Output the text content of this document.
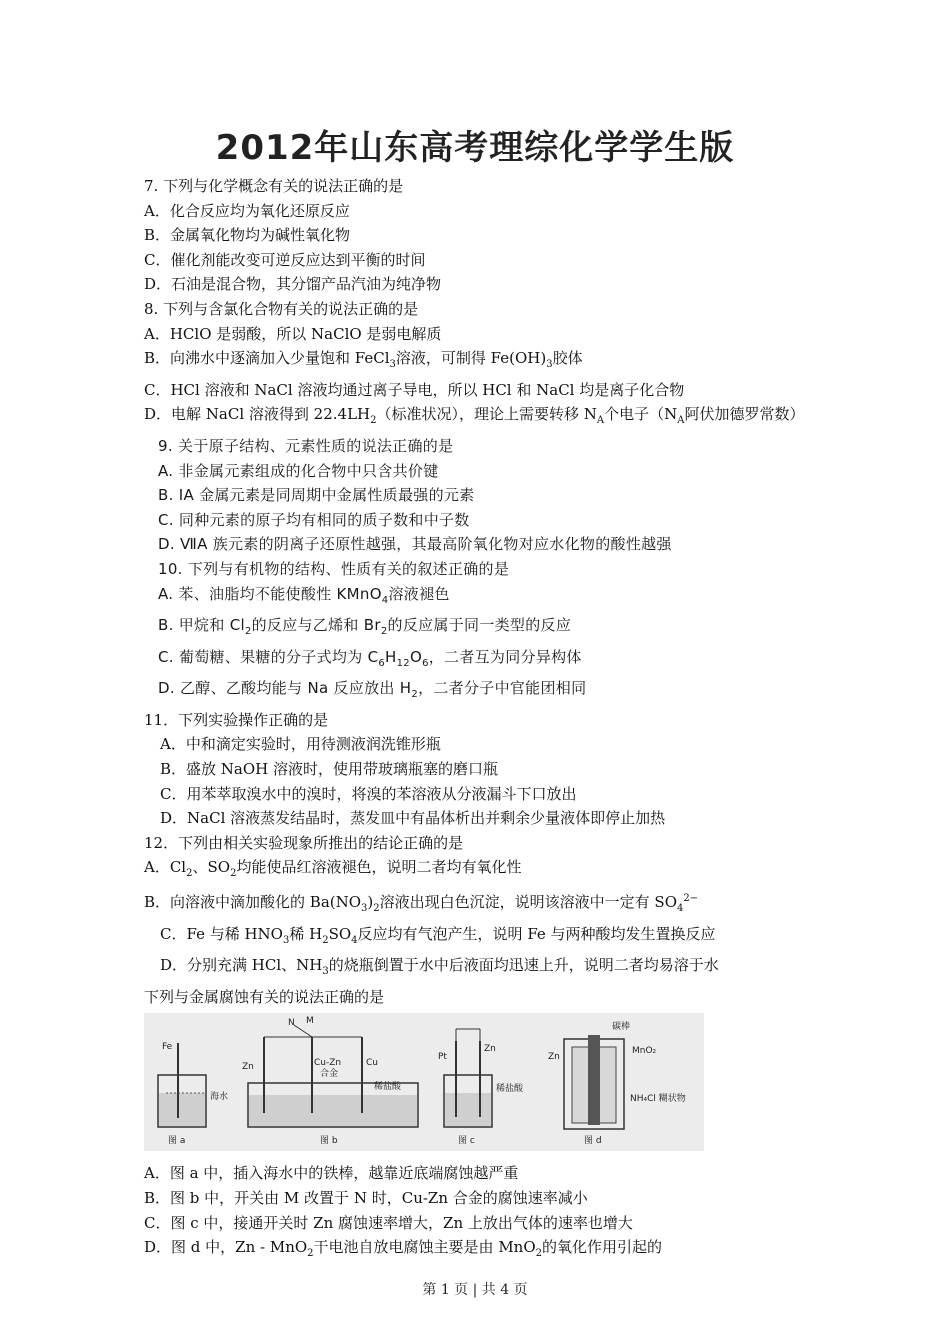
2012年山东高考理综化学学生版
7. 下列与化学概念有关的说法正确的是
A．化合反应均为氧化还原反应
B．金属氧化物均为碱性氧化物
C．催化剂能改变可逆反应达到平衡的时间
D．石油是混合物，其分馏产品汽油为纯净物
8. 下列与含氯化合物有关的说法正确的是
A．HClO 是弱酸，所以 NaClO 是弱电解质
B．向沸水中逐滴加入少量饱和 FeCl$_3$溶液，可制得 $Fe(OH)_3$胶体
C．HCl 溶液和 NaCl 溶液均通过离子导电，所以 HCl 和 NaCl 均是离子化合物
D．电解 NaCl 溶液得到 $22.4LH_2$（标准状况），理论上需要转移 $N_A$个电子（$N_A$阿伏加德罗常数）
9. 关于原子结构、元素性质的说法正确的是
A. 非金属元素组成的化合物中只含共价键
B. ⅠA 金属元素是同周期中金属性质最强的元素
C. 同种元素的原子均有相同的质子数和中子数
D. ⅦA 族元素的阴离子还原性越强，其最高阶氧化物对应水化物的酸性越强
10. 下列与有机物的结构、性质有关的叙述正确的是
A. 苯、油脂均不能使酸性 KMnO$_4$溶液褪色
B. 甲烷和 $Cl_2$的反应与乙烯和 $Br_2$的反应属于同一类型的反应
C. 葡萄糖、果糖的分子式均为 $C_6H_{12}O_6$，二者互为同分异构体
D. 乙醇、乙酸均能与 Na 反应放出 $H_2$，二者分子中官能团相同
11．下列实验操作正确的是
A．中和滴定实验时，用待测液润洗锥形瓶
B．盛放 NaOH 溶液时，使用带玻璃瓶塞的磨口瓶
C．用苯萃取溴水中的溴时，将溴的苯溶液从分液漏斗下口放出
D．NaCl 溶液蒸发结晶时，蒸发皿中有晶体析出并剩余少量液体即停止加热
12．下列由相关实验现象所推出的结论正确的是
A．$Cl_2$、$SO_2$均能使品红溶液褪色，说明二者均有氧化性
B．向溶液中滴加酸化的 $Ba(NO_3)_2$溶液出现白色沉淀，说明该溶液中一定有 $SO_4^{2-}$
C．Fe 与稀 $HNO_3$稀 $H_2SO_4$反应均有气泡产生，说明 Fe 与两种酸均发生置换反应
D．分别充满 HCl、$NH_3$的烧瓶倒置于水中后液面均迅速上升，说明二者均易溶于水
下列与金属腐蚀有关的说法正确的是
Fe
海水
图 a
N M
Zn	Cu-Zn
合金
Cu
稀盐酸
图 b
Pt
Zn
稀盐酸
图 c
碳棒
Zn
MnO₂
NH₄Cl 糊状物
图 d
A．图 a 中，插入海水中的铁棒，越靠近底端腐蚀越严重
B．图 b 中，开关由 M 改置于 N 时，Cu-Zn 合金的腐蚀速率减小
C．图 c 中，接通开关时 Zn 腐蚀速率增大，Zn 上放出气体的速率也增大
D．图 d 中，Zn - MnO$_2$干电池自放电腐蚀主要是由 MnO$_2$的氧化作用引起的
第 1 页 | 共 4 页
